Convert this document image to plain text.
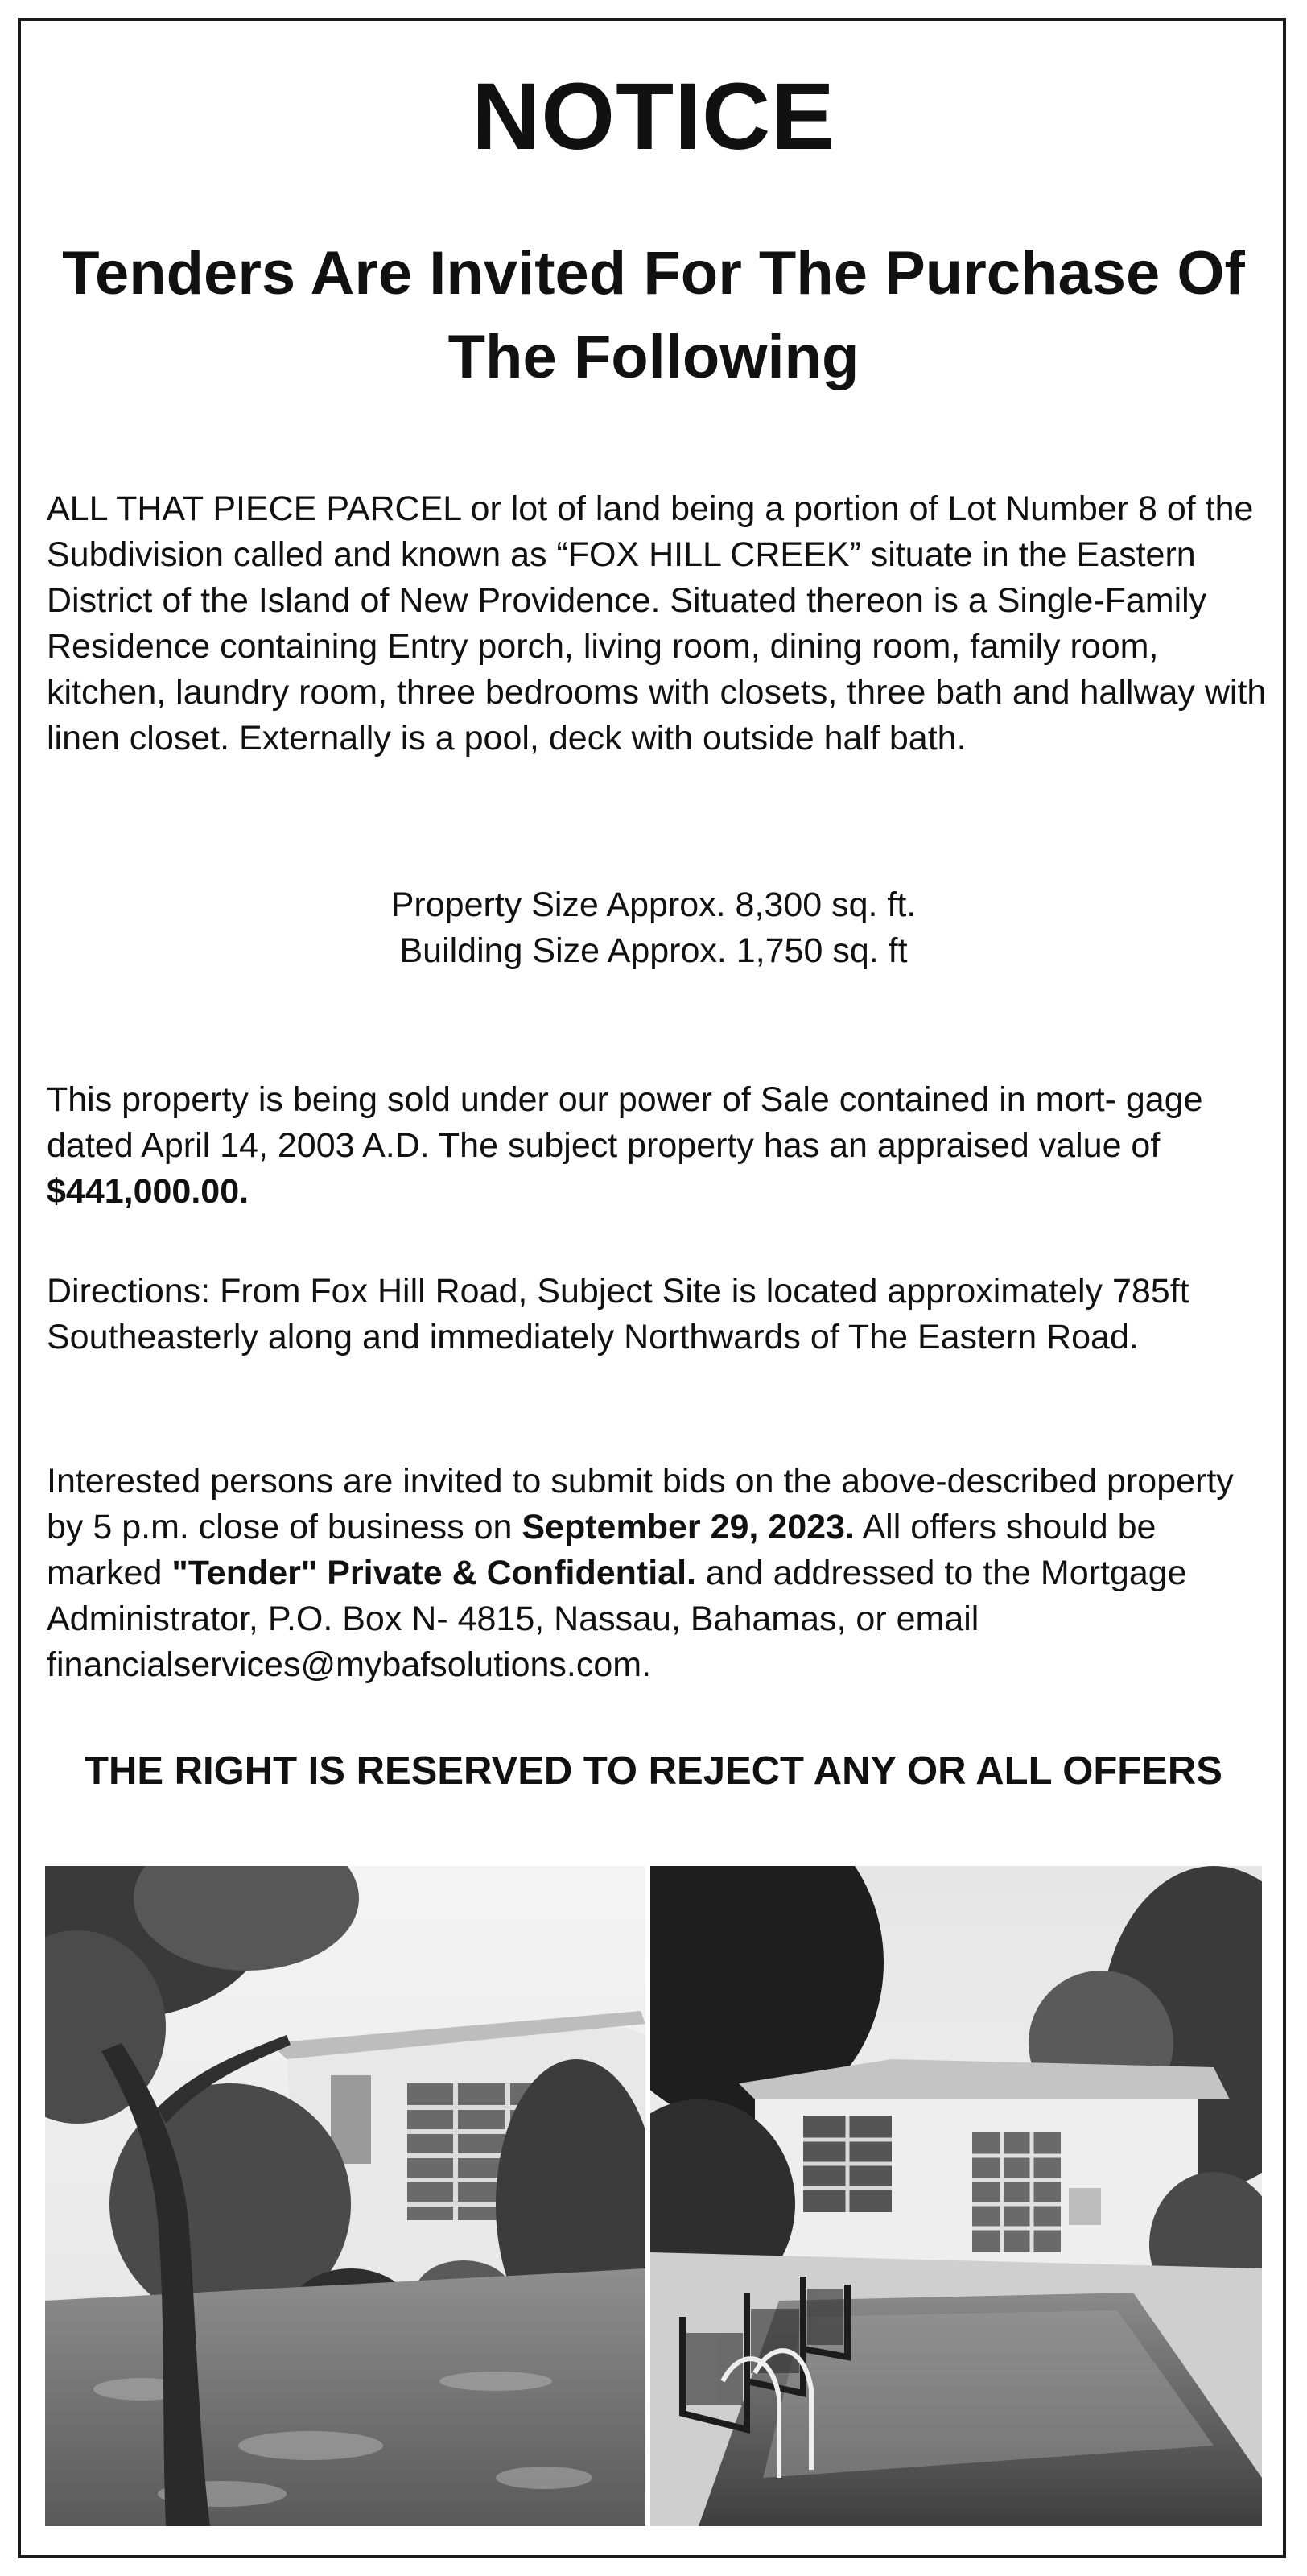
NOTICE
Tenders Are Invited For The Purchase Of The Following
ALL THAT PIECE PARCEL or lot of land being a portion of Lot Number 8 of the Subdivision called and known as “FOX HILL CREEK” situate in the Eastern District of the Island of New Providence. Situated thereon is a Single-Family Residence containing Entry porch, living room, dining room, family room, kitchen, laundry room, three bedrooms with closets, three bath and hallway with linen closet. Externally is a pool, deck with outside half bath.
Property Size Approx. 8,300 sq. ft.
Building Size Approx. 1,750 sq. ft
This property is being sold under our power of Sale contained in mort- gage dated April 14, 2003 A.D. The subject property has an appraised value of $441,000.00.
Directions: From Fox Hill Road, Subject Site is located approximately 785ft Southeasterly along and immediately Northwards of The Eastern Road.
Interested persons are invited to submit bids on the above-described property by 5 p.m. close of business on September 29, 2023. All offers should be marked "Tender" Private & Confidential. and addressed to the Mortgage Administrator, P.O. Box N- 4815, Nassau, Bahamas, or email financialservices@mybafsolutions.com.
THE RIGHT IS RESERVED TO REJECT ANY OR ALL OFFERS
